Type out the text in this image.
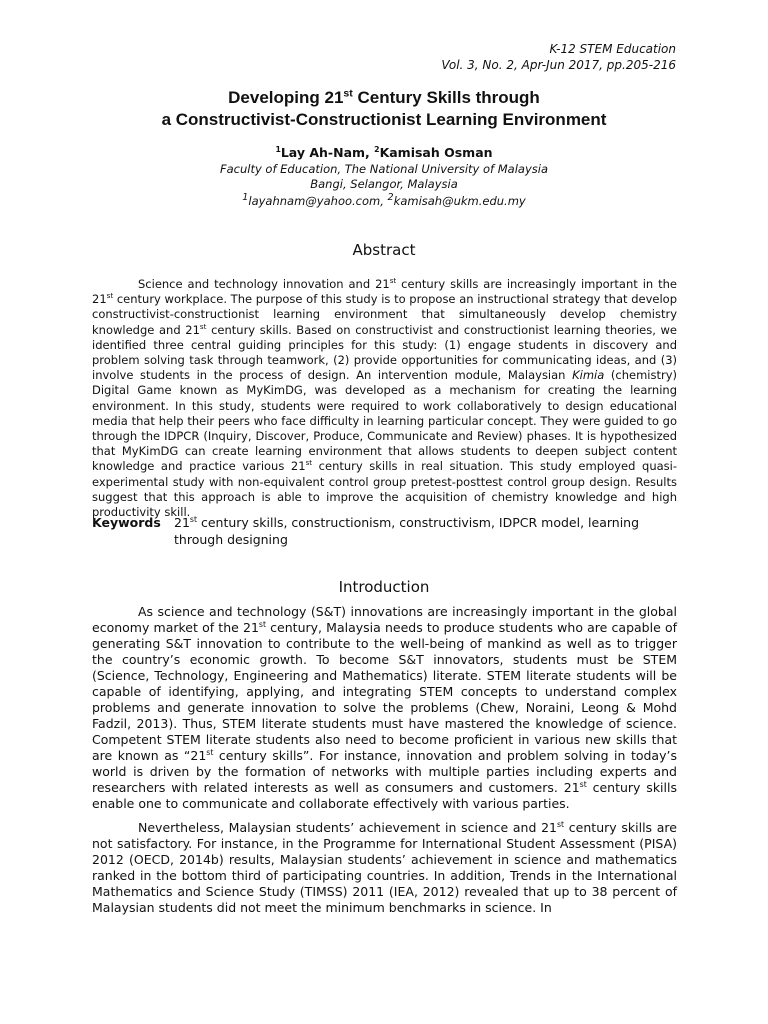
K-12 STEM Education
Vol. 3, No. 2, Apr-Jun 2017, pp.205-216
Developing 21st Century Skills through
a Constructivist-Constructionist Learning Environment
$^1$Lay Ah-Nam, $^2$Kamisah Osman
Faculty of Education, The National University of Malaysia
Bangi, Selangor, Malaysia
$^1$layahnam@yahoo.com, $^2$kamisah@ukm.edu.my
Abstract

Science and technology innovation and 21st century skills are increasingly important in the 21st century workplace. The purpose of this study is to propose an instructional strategy that develop constructivist-constructionist learning environment that simultaneously develop chemistry knowledge and 21st century skills. Based on constructivist and constructionist learning theories, we identified three central guiding principles for this study: (1) engage students in discovery and problem solving task through teamwork, (2) provide opportunities for communicating ideas, and (3) involve students in the process of design. An intervention module, Malaysian Kimia (chemistry) Digital Game known as MyKimDG, was developed as a mechanism for creating the learning environment. In this study, students were required to work collaboratively to design educational media that help their peers who face difficulty in learning particular concept. They were guided to go through the IDPCR (Inquiry, Discover, Produce, Communicate and Review) phases. It is hypothesized that MyKimDG can create learning environment that allows students to deepen subject content knowledge and practice various 21st century skills in real situation. This study employed quasi-experimental study with non-equivalent control group pretest-posttest control group design. Results suggest that this approach is able to improve the acquisition of chemistry knowledge and high productivity skill.

Keywords 21st century skills, constructionism, constructivism, IDPCR model, learning through designing
Introduction

As science and technology (S&T) innovations are increasingly important in the global economy market of the 21st century, Malaysia needs to produce students who are capable of generating S&T innovation to contribute to the well-being of mankind as well as to trigger the country’s economic growth. To become S&T innovators, students must be STEM (Science, Technology, Engineering and Mathematics) literate. STEM literate students will be capable of identifying, applying, and integrating STEM concepts to understand complex problems and generate innovation to solve the problems (Chew, Noraini, Leong & Mohd Fadzil, 2013). Thus, STEM literate students must have mastered the knowledge of science. Competent STEM literate students also need to become proficient in various new skills that are known as “21st century skills”. For instance, innovation and problem solving in today’s world is driven by the formation of networks with multiple parties including experts and researchers with related interests as well as consumers and customers. 21st century skills enable one to communicate and collaborate effectively with various parties.

Nevertheless, Malaysian students’ achievement in science and 21st century skills are not satisfactory. For instance, in the Programme for International Student Assessment (PISA) 2012 (OECD, 2014b) results, Malaysian students’ achievement in science and mathematics ranked in the bottom third of participating countries. In addition, Trends in the International Mathematics and Science Study (TIMSS) 2011 (IEA, 2012) revealed that up to 38 percent of Malaysian students did not meet the minimum benchmarks in science. In
